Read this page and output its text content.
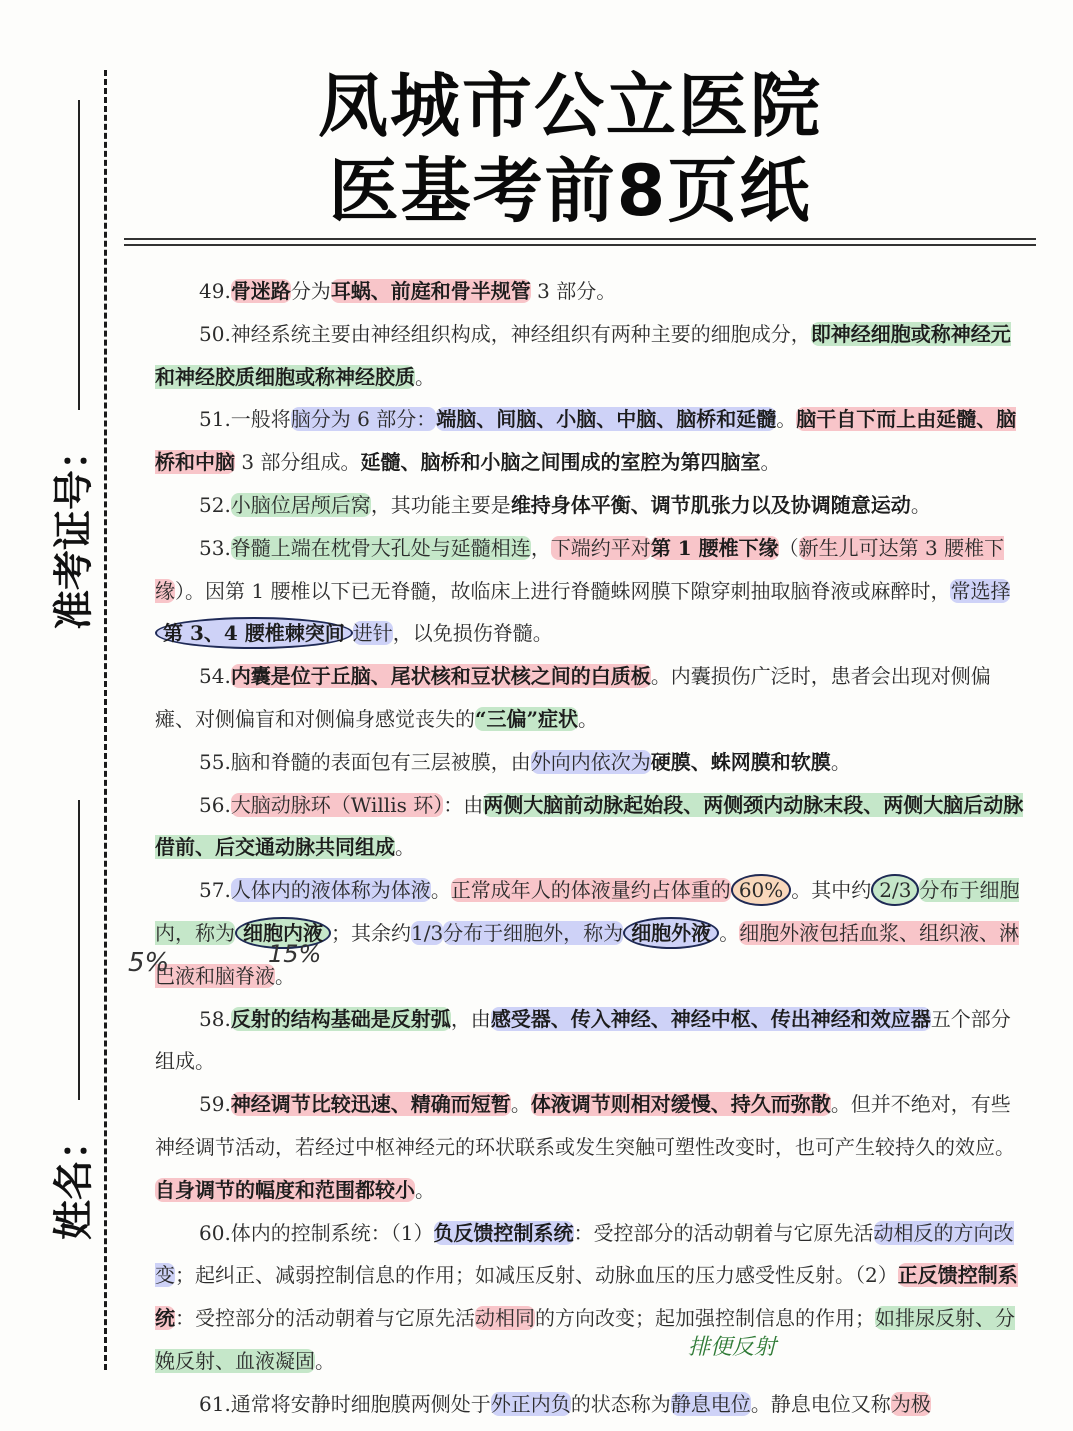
准考证号：
姓名：
凤城市公立医院
医基考前8页纸

49.骨迷路分为耳蜗、前庭和骨半规管 3 部分。

50.神经系统主要由神经组织构成，神经组织有两种主要的细胞成分，即神经细胞或称神经元和神经胶质细胞或称神经胶质。

51.一般将脑分为 6 部分：端脑、间脑、小脑、中脑、脑桥和延髓。脑干自下而上由延髓、脑桥和中脑 3 部分组成。延髓、脑桥和小脑之间围成的室腔为第四脑室。

52.小脑位居颅后窝，其功能主要是维持身体平衡、调节肌张力以及协调随意运动。

53.脊髓上端在枕骨大孔处与延髓相连，下端约平对第 1 腰椎下缘（新生儿可达第 3 腰椎下缘）。因第 1 腰椎以下已无脊髓，故临床上进行脊髓蛛网膜下隙穿刺抽取脑脊液或麻醉时，常选择第 3、4 腰椎棘突间 进针，以免损伤脊髓。

54.内囊是位于丘脑、尾状核和豆状核之间的白质板。内囊损伤广泛时，患者会出现对侧偏瘫、对侧偏盲和对侧偏身感觉丧失的“三偏”症状。

55.脑和脊髓的表面包有三层被膜，由外向内依次为硬膜、蛛网膜和软膜。

56.大脑动脉环（Willis 环）：由两侧大脑前动脉起始段、两侧颈内动脉末段、两侧大脑后动脉借前、后交通动脉共同组成。

57.人体内的液体称为体液。正常成年人的体液量约占体重的 60% 。其中约 2/3 分布于细胞内，称为 细胞内液 ；其余约1/3分布于细胞外，称为 细胞外液 。细胞外液包括血浆、组织液、淋巴液和脑脊液。

58.反射的结构基础是反射弧，由感受器、传入神经、神经中枢、传出神经和效应器五个部分组成。

59.神经调节比较迅速、精确而短暂。体液调节则相对缓慢、持久而弥散。但并不绝对，有些神经调节活动，若经过中枢神经元的环状联系或发生突触可塑性改变时，也可产生较持久的效应。自身调节的幅度和范围都较小。

60.体内的控制系统：（1）负反馈控制系统：受控部分的活动朝着与它原先活动相反的方向改变；起纠正、减弱控制信息的作用；如减压反射、动脉血压的压力感受性反射。（2）正反馈控制系统：受控部分的活动朝着与它原先活动相同的方向改变；起加强控制信息的作用；如排尿反射、分娩反射、血液凝固。

61.通常将安静时细胞膜两侧处于外正内负的状态称为静息电位。静息电位又称为极

5%	15%
排便反射
